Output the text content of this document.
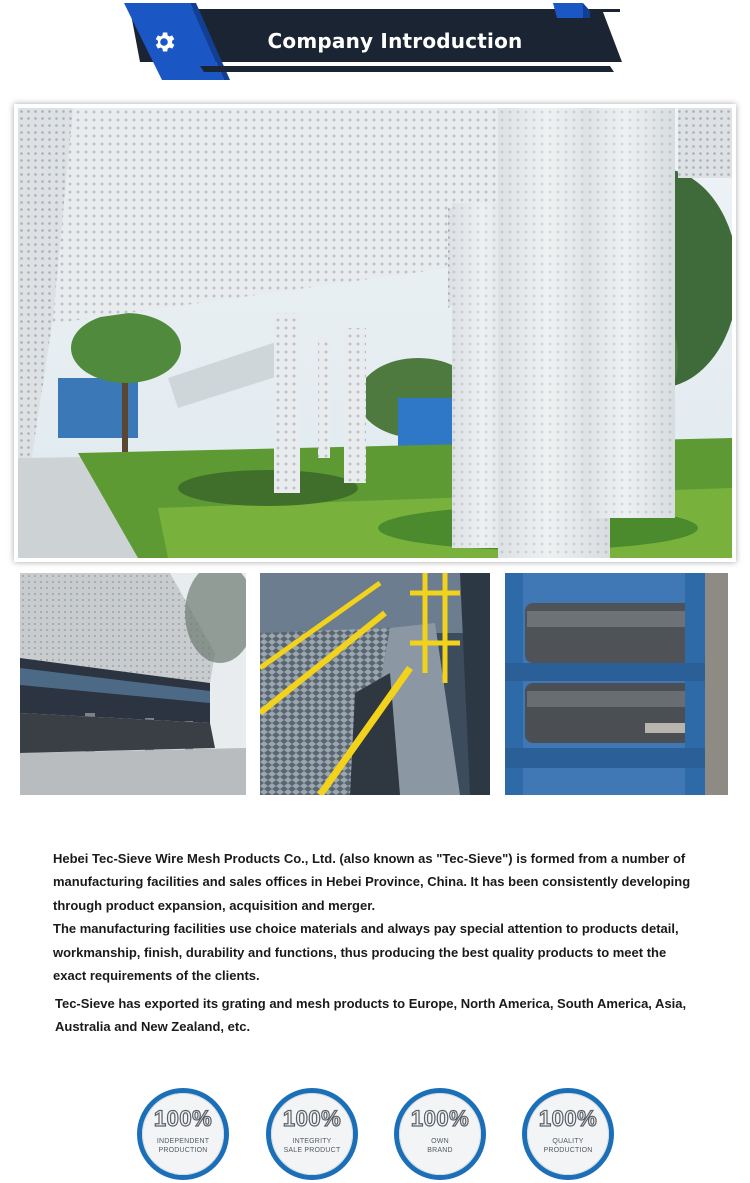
Company Introduction

Hebei Tec-Sieve Wire Mesh Products Co., Ltd. (also known as "Tec-Sieve") is formed from a number of manufacturing facilities and sales offices in Hebei Province, China. It has been consistently developing through product expansion, acquisition and merger.

The manufacturing facilities use choice materials and always pay special attention to products detail, workmanship, finish, durability and functions, thus producing the best quality products to meet the exact requirements of the clients.

Tec-Sieve has exported its grating and mesh products to Europe, North America, South America, Asia, Australia and New Zealand, etc.

100%
INDEPENDENT
PRODUCTION
100%
INTEGRITY
SALE PRODUCT
100%
OWN
BRAND
100%
QUALITY
PRODUCTION
